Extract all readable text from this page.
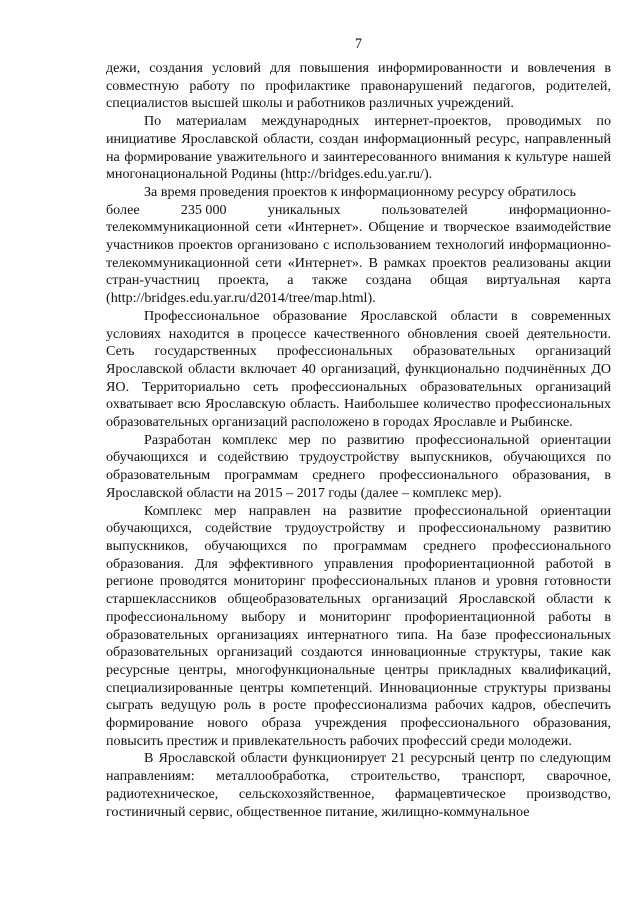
7

дежи, создания условий для повышения информированности и вовлечения в совместную работу по профилактике правонарушений педагогов, родителей, специалистов высшей школы и работников различных учреждений.

По материалам международных интернет-проектов, проводимых по инициативе Ярославской области, создан информационный ресурс, направленный на формирование уважительного и заинтересованного внимания к культуре нашей многонациональной Родины (http://bridges.edu.yar.ru/).

За время проведения проектов к информационному ресурсу обратилось

более	235 000	уникальных	пользователей	информационно-

телекоммуникационной сети «Интернет». Общение и творческое взаимодействие участников проектов организовано с использованием технологий информационно-телекоммуникационной сети «Интернет». В рамках проектов реализованы акции стран-участниц проекта, а также создана общая виртуальная карта (http://bridges.edu.yar.ru/d2014/tree/map.html).

Профессиональное образование Ярославской области в современных условиях находится в процессе качественного обновления своей деятельности. Сеть государственных профессиональных образовательных организаций Ярославской области включает 40 организаций, функционально подчинённых ДО ЯО. Территориально сеть профессиональных образовательных организаций охватывает всю Ярославскую область. Наибольшее количество профессиональных образовательных организаций расположено в городах Ярославле и Рыбинске.

Разработан комплекс мер по развитию профессиональной ориентации обучающихся и содействию трудоустройству выпускников, обучающихся по образовательным программам среднего профессионального образования, в Ярославской области на 2015 – 2017 годы (далее – комплекс мер).

Комплекс мер направлен на развитие профессиональной ориентации обучающихся, содействие трудоустройству и профессиональному развитию выпускников, обучающихся по программам среднего профессионального образования. Для эффективного управления профориентационной работой в регионе проводятся мониторинг профессиональных планов и уровня готовности старшеклассников общеобразовательных организаций Ярославской области к профессиональному выбору и мониторинг профориентационной работы в образовательных организациях интернатного типа. На базе профессиональных образовательных организаций создаются инновационные структуры, такие как ресурсные центры, многофункциональные центры прикладных квалификаций, специализированные центры компетенций. Инновационные структуры призваны сыграть ведущую роль в росте профессионализма рабочих кадров, обеспечить формирование нового образа учреждения профессионального образования, повысить престиж и привлекательность рабочих профессий среди молодежи.

В Ярославской области функционирует 21 ресурсный центр по следующим направлениям: металлообработка, строительство, транспорт, сварочное, радиотехническое, сельскохозяйственное, фармацевтическое производство, гостиничный сервис, общественное питание, жилищно-коммунальное
